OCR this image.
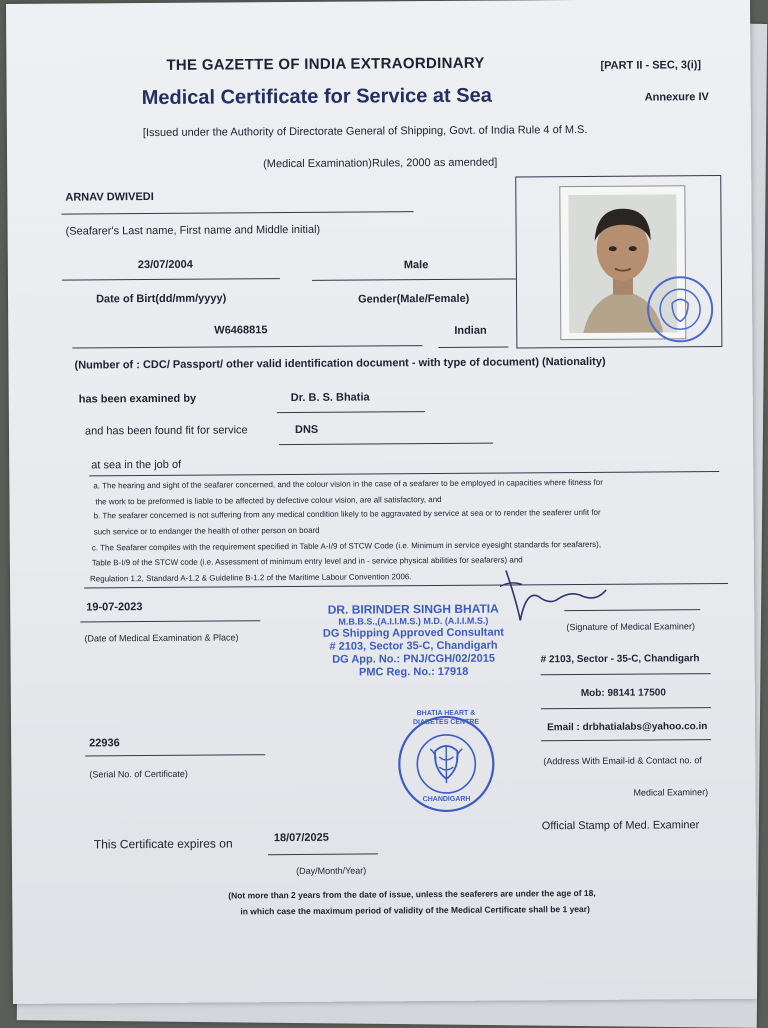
THE GAZETTE OF INDIA EXTRAORDINARY	[PART II - SEC, 3(i)]
Medical Certificate for Service at Sea	Annexure IV
[Issued under the Authority of Directorate General of Shipping, Govt. of India Rule 4 of M.S.
(Medical Examination)Rules, 2000 as amended]
ARNAV DWIVEDI
(Seafarer's Last name, First name and Middle initial)
23/07/2004	Male
Date of Birt(dd/mm/yyyy)	Gender(Male/Female)
W6468815	Indian
(Number of : CDC/ Passport/ other valid identification document - with type of document) (Nationality)
has been examined by	Dr. B. S. Bhatia
and has been found fit for service	DNS
at sea in the job of
a. The hearing and sight of the seafarer concerned, and the colour vision in the case of a seafarer to be employed in capacities where fitness for
the work to be preformed is liable to be affected by defective colour vision, are all satisfactory, and
b. The seafarer concerned is not suffering from any medical condition likely to be aggravated by service at sea or to render the seaferer unfit for
such service or to endanger the health of other person on board
c. The Seafarer compiles with the requirement specified in Table A-I/9 of STCW Code (i.e. Minimum in service eyesight standards for seafarers),
Table B-I/9 of the STCW code (i.e. Assessment of minimum entry level and in - service physical abilities for seafarers) and
Regulation 1.2, Standard A-1.2 & Guideline B-1.2 of the Maritime Labour Convention 2006.
19-07-2023
(Date of Medical Examination & Place)
(Signature of Medical Examiner)
DR. BIRINDER SINGH BHATIA
M.B.B.S.,(A.I.I.M.S.) M.D. (A.I.I.M.S.)
DG Shipping Approved Consultant
# 2103, Sector 35-C, Chandigarh
DG App. No.: PNJ/CGH/02/2015
PMC Reg. No.: 17918
# 2103, Sector - 35-C, Chandigarh
Mob: 98141 17500
Email : drbhatialabs@yahoo.co.in
(Address With Email-id & Contact no. of
Medical Examiner)
Official Stamp of Med. Examiner
22936
(Serial No. of Certificate)
BHATIA HEART & DIABETES CENTRE
CHANDIGARH
This Certificate expires on	18/07/2025
(Day/Month/Year)
(Not more than 2 years from the date of issue, unless the seaferers are under the age of 18,
in which case the maximum period of validity of the Medical Certificate shall be 1 year)
